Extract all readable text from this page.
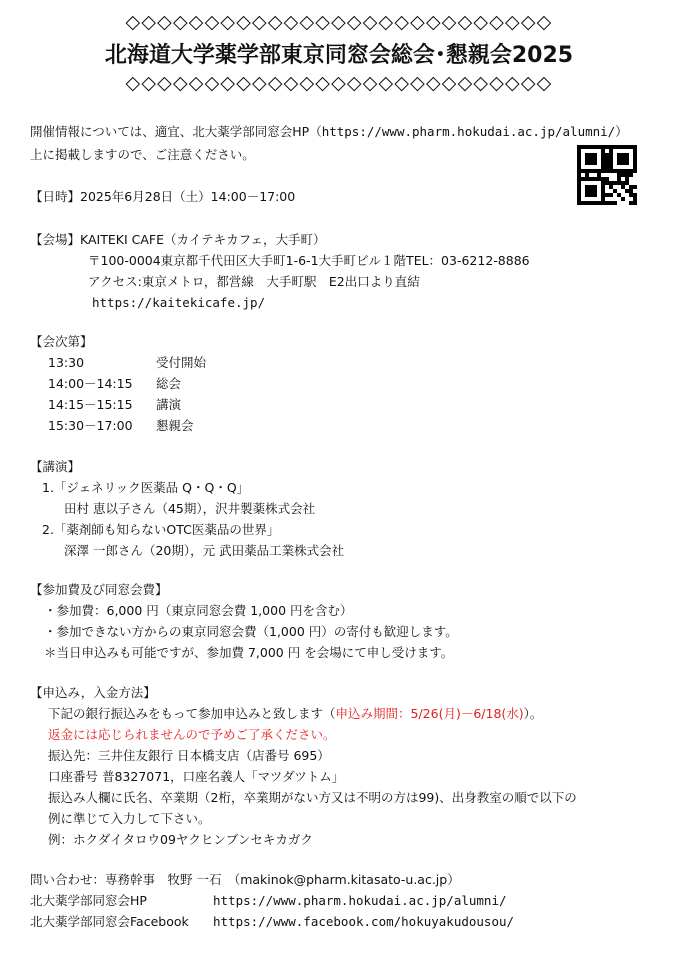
◇◇◇◇◇◇◇◇◇◇◇◇◇◇◇◇◇◇◇◇◇◇◇◇◇◇◇
北海道大学薬学部東京同窓会総会･懇親会2025
◇◇◇◇◇◇◇◇◇◇◇◇◇◇◇◇◇◇◇◇◇◇◇◇◇◇◇
開催情報については、適宜、北大薬学部同窓会HP（https://www.pharm.hokudai.ac.jp/alumni/）
上に掲載しますので、ご注意ください。
【日時】2025年6月28日（土）14:00－17:00
【会場】KAITEKI CAFE（カイテキカフェ，大手町）
〒100-0004東京都千代田区大手町1-6-1大手町ビル１階TEL：03-6212-8886
アクセス:東京メトロ，都営線　大手町駅　E2出口より直結
https://kaitekicafe.jp/
【会次第】
13:30	受付開始
14:00－14:15 総会
14:15－15:15 講演
15:30－17:00 懇親会
【講演】
1.「ジェネリック医薬品 Q・Q・Q」
田村 恵以子さん（45期），沢井製薬株式会社
2.「薬剤師も知らないOTC医薬品の世界」
深澤 一郎さん（20期），元 武田薬品工業株式会社
【参加費及び同窓会費】
・参加費：6,000 円（東京同窓会費 1,000 円を含む）
・参加できない方からの東京同窓会費（1,000 円）の寄付も歓迎します。
＊当日申込みも可能ですが、参加費 7,000 円 を会場にて申し受けます。
【申込み，入金方法】
下記の銀行振込みをもって参加申込みと致します（申込み期間：5/26(月)－6/18(水)）。
返金には応じられませんので予めご了承ください。
振込先：三井住友銀行 日本橋支店（店番号 695）
口座番号 普8327071，口座名義人「マツダツトム」
振込み人欄に氏名、卒業期（2桁，卒業期がない方又は不明の方は99)、出身教室の順で以下の
例に準じて入力して下さい。
例：ホクダイタロウ09ヤクヒンブンセキカガク
問い合わせ：専務幹事　牧野 一石　（makinok@pharm.kitasato-u.ac.jp）
北大薬学部同窓会HP	https://www.pharm.hokudai.ac.jp/alumni/
北大薬学部同窓会Facebook https://www.facebook.com/hokuyakudousou/
